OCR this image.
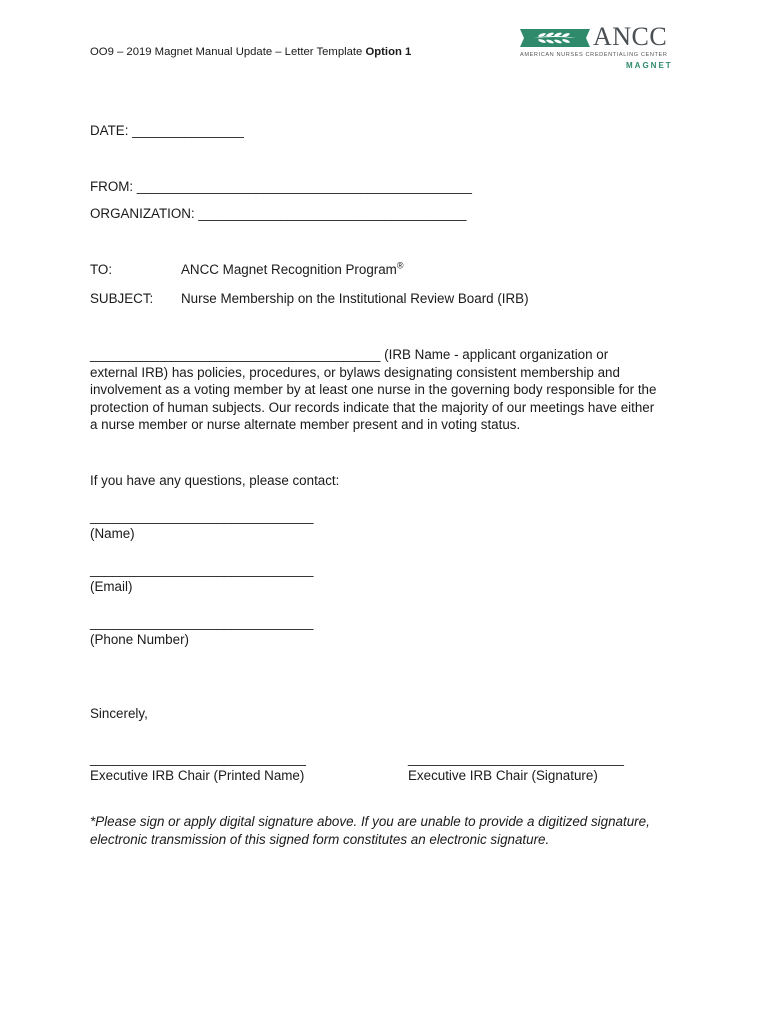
OO9 – 2019 Magnet Manual Update – Letter Template Option 1
ANCC
AMERICAN NURSES CREDENTIALING CENTER
MAGNET
DATE: _______________
FROM: _____________________________________________
ORGANIZATION: ____________________________________
TO:	ANCC Magnet Recognition Program®
SUBJECT: Nurse Membership on the Institutional Review Board (IRB)
_______________________________________ (IRB Name - applicant organization or
external IRB) has policies, procedures, or bylaws designating consistent membership and
involvement as a voting member by at least one nurse in the governing body responsible for the
protection of human subjects. Our records indicate that the majority of our meetings have either
a nurse member or nurse alternate member present and in voting status.
If you have any questions, please contact:
______________________________
(Name)
______________________________
(Email)
______________________________
(Phone Number)
Sincerely,
_____________________________
Executive IRB Chair (Printed Name)
_____________________________
Executive IRB Chair (Signature)
*Please sign or apply digital signature above. If you are unable to provide a digitized signature,
electronic transmission of this signed form constitutes an electronic signature.
